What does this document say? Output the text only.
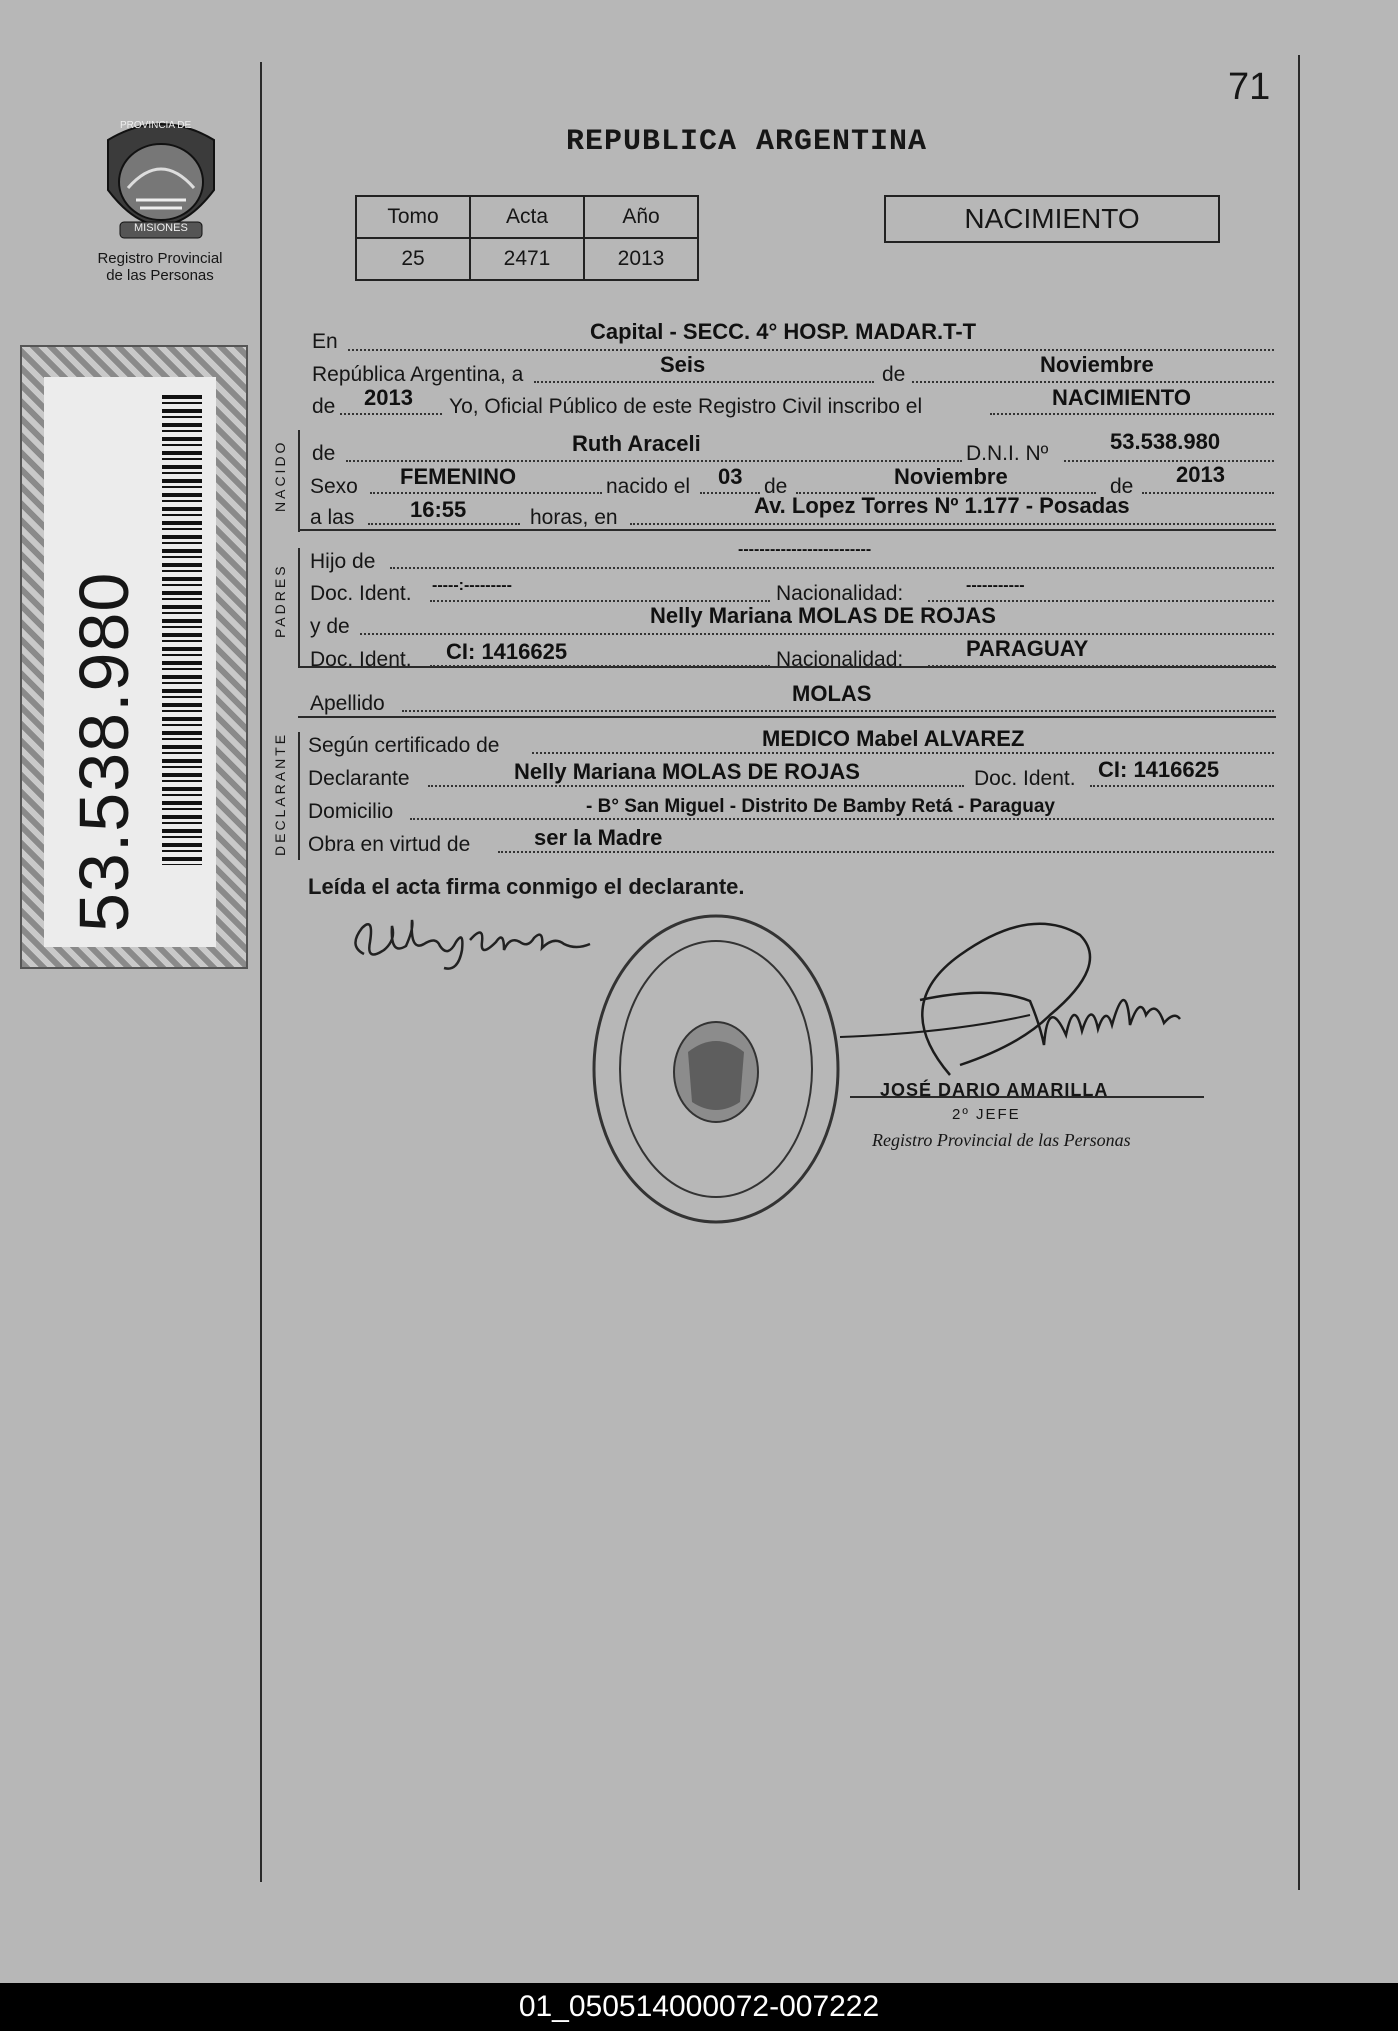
71
PROVINCIA DE
MISIONES
Registro Provincial
de las Personas
53.538.980
REPUBLICA ARGENTINA
Tomo	Acta	Año
25	2471	2013
NACIMIENTO
NACIDO
PADRES
DECLARANTE
En	Capital - SECC. 4° HOSP. MADAR.T-T
República Argentina, a	Seis	de	Noviembre
de 2013 Yo, Oficial Público de este Registro Civil inscribo el	NACIMIENTO
de	Ruth Araceli	D.N.I. Nº	53.538.980
Sexo FEMENINO	nacido el 03 de	Noviembre	de 2013
a las	16:55	horas, en	Av. Lopez Torres Nº 1.177 - Posadas
Hijo de
-------------------------
Doc. Ident. -----:---------	Nacionalidad:	-----------
y de	Nelly Mariana MOLAS DE ROJAS
Doc. Ident. CI: 1416625	Nacionalidad:	PARAGUAY
Apellido	MOLAS
Según certificado de	MEDICO Mabel ALVAREZ
Declarante	Nelly Mariana MOLAS DE ROJAS	Doc. Ident. CI: 1416625
Domicilio	- B° San Miguel - Distrito De Bamby Retá - Paraguay
Obra en virtud de	ser la Madre
Leída el acta firma conmigo el declarante.
JOSÉ DARIO AMARILLA
2º JEFE
Registro Provincial de las Personas
01_050514000072-007222
